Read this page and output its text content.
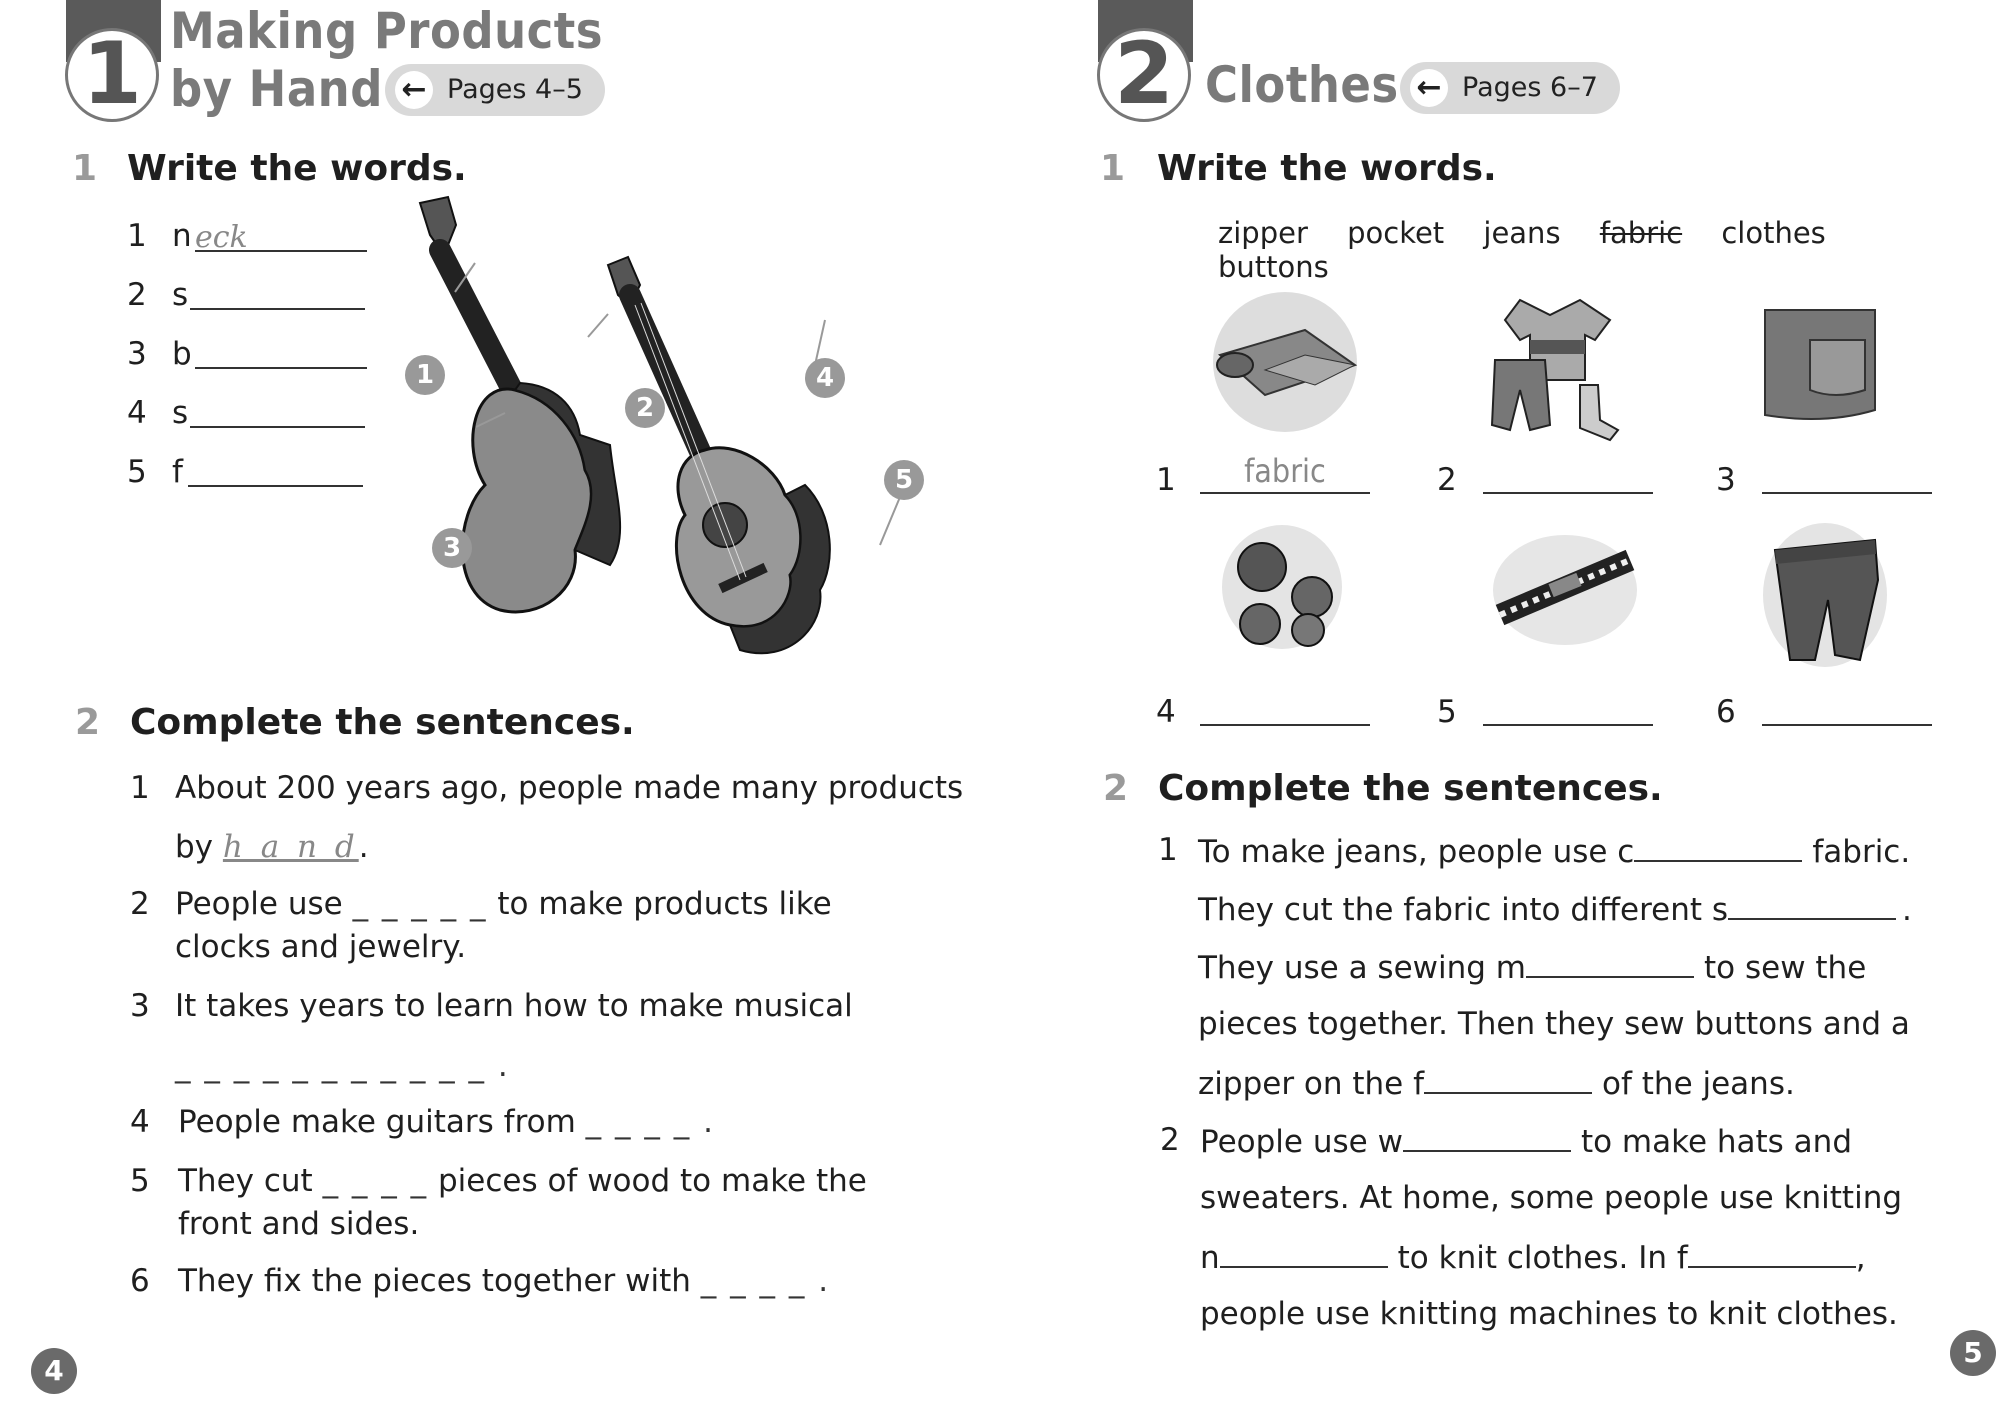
1 Making Products
by Hand ← Pages 4–5
1 Write the words.
1 n eck
2 s
3 b
4 s
5 f
1
2
3
4
5
2 Complete the sentences.
1 About 200 years ago, people made many products
by h a n d.
2 People use _ _ _ _ _ to make products like
clocks and jewelry.
3 It takes years to learn how to make musical
_ _ _ _ _ _ _ _ _ _ _ .
4 People make guitars from _ _ _ _ .
5 They cut _ _ _ _ pieces of wood to make the
front and sides.
6 They fix the pieces together with _ _ _ _ .
4
2 Clothes ← Pages 6–7
1 Write the words.
zipper pocket jeans fabric clothes buttons
1	fabric	2	3
4	5	6
2 Complete the sentences.
1 To make jeans, people use c	fabric.
They cut the fabric into different s	.
They use a sewing m	to sew the
pieces together. Then they sew buttons and a
zipper on the f	of the jeans.
2 People use w	to make hats and
sweaters. At home, some people use knitting
n	to knit clothes. In f	,
people use knitting machines to knit clothes.
5
